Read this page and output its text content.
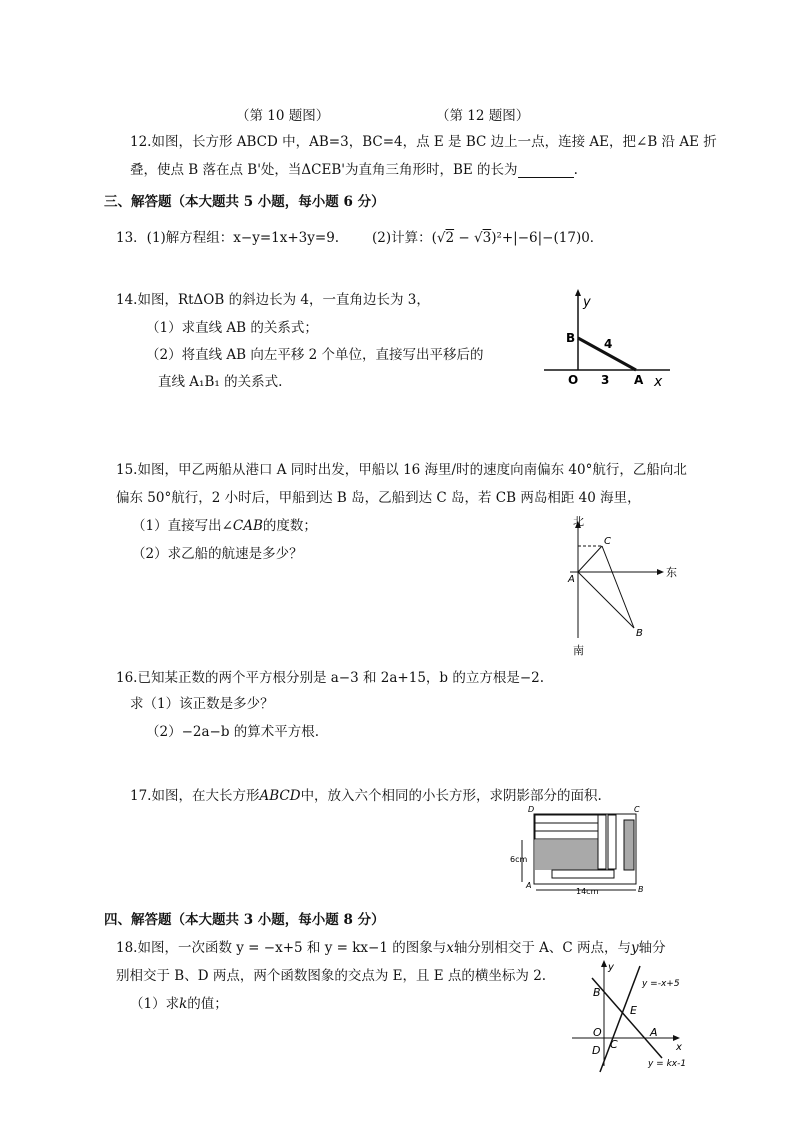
（第 10 题图）	（第 12 题图）
12.如图，长方形 ABCD 中，AB=3，BC=4，点 E 是 BC 边上一点，连接 AE，把∠B 沿 AE 折
叠，使点 B 落在点 B'处，当ΔCEB'为直角三角形时，BE 的长为	.
三、解答题（本大题共 5 小题，每小题 6 分）
13．(1)解方程组：x−y=1x+3y=9. (2)计算：(√2 − √3)²+|−6|−(17)0．
14.如图，RtΔOB 的斜边长为 4，一直角边长为 3，
（1）求直线 AB 的关系式；
（2）将直线 AB 向左平移 2 个单位，直接写出平移后的
直线 A₁B₁ 的关系式.
y
x
B
O	A
4
3
15.如图，甲乙两船从港口 A 同时出发，甲船以 16 海里/时的速度向南偏东 40°航行，乙船向北
偏东 50°航行，2 小时后，甲船到达 B 岛，乙船到达 C 岛，若 CB 两岛相距 40 海里，
（1）直接写出∠CAB的度数；
（2）求乙船的航速是多少？
北
东
南
A
B
C
16.已知某正数的两个平方根分别是 a−3 和 2a+15，b 的立方根是−2.
求（1）该正数是多少？
（2）−2a−b 的算术平方根.
17.如图，在大长方形ABCD中，放入六个相同的小长方形，求阴影部分的面积.
D	C
A	B
6cm
14cm
四、解答题（本大题共 3 小题，每小题 8 分）
18.如图，一次函数 y = −x+5 和 y = kx−1 的图象与x轴分别相交于 A、C 两点，与y轴分
别相交于 B、D 两点，两个函数图象的交点为 E，且 E 点的横坐标为 2.
（1）求k的值；
y
x
B
E
A
O
C
D
y =-x+5
y = kx-1
